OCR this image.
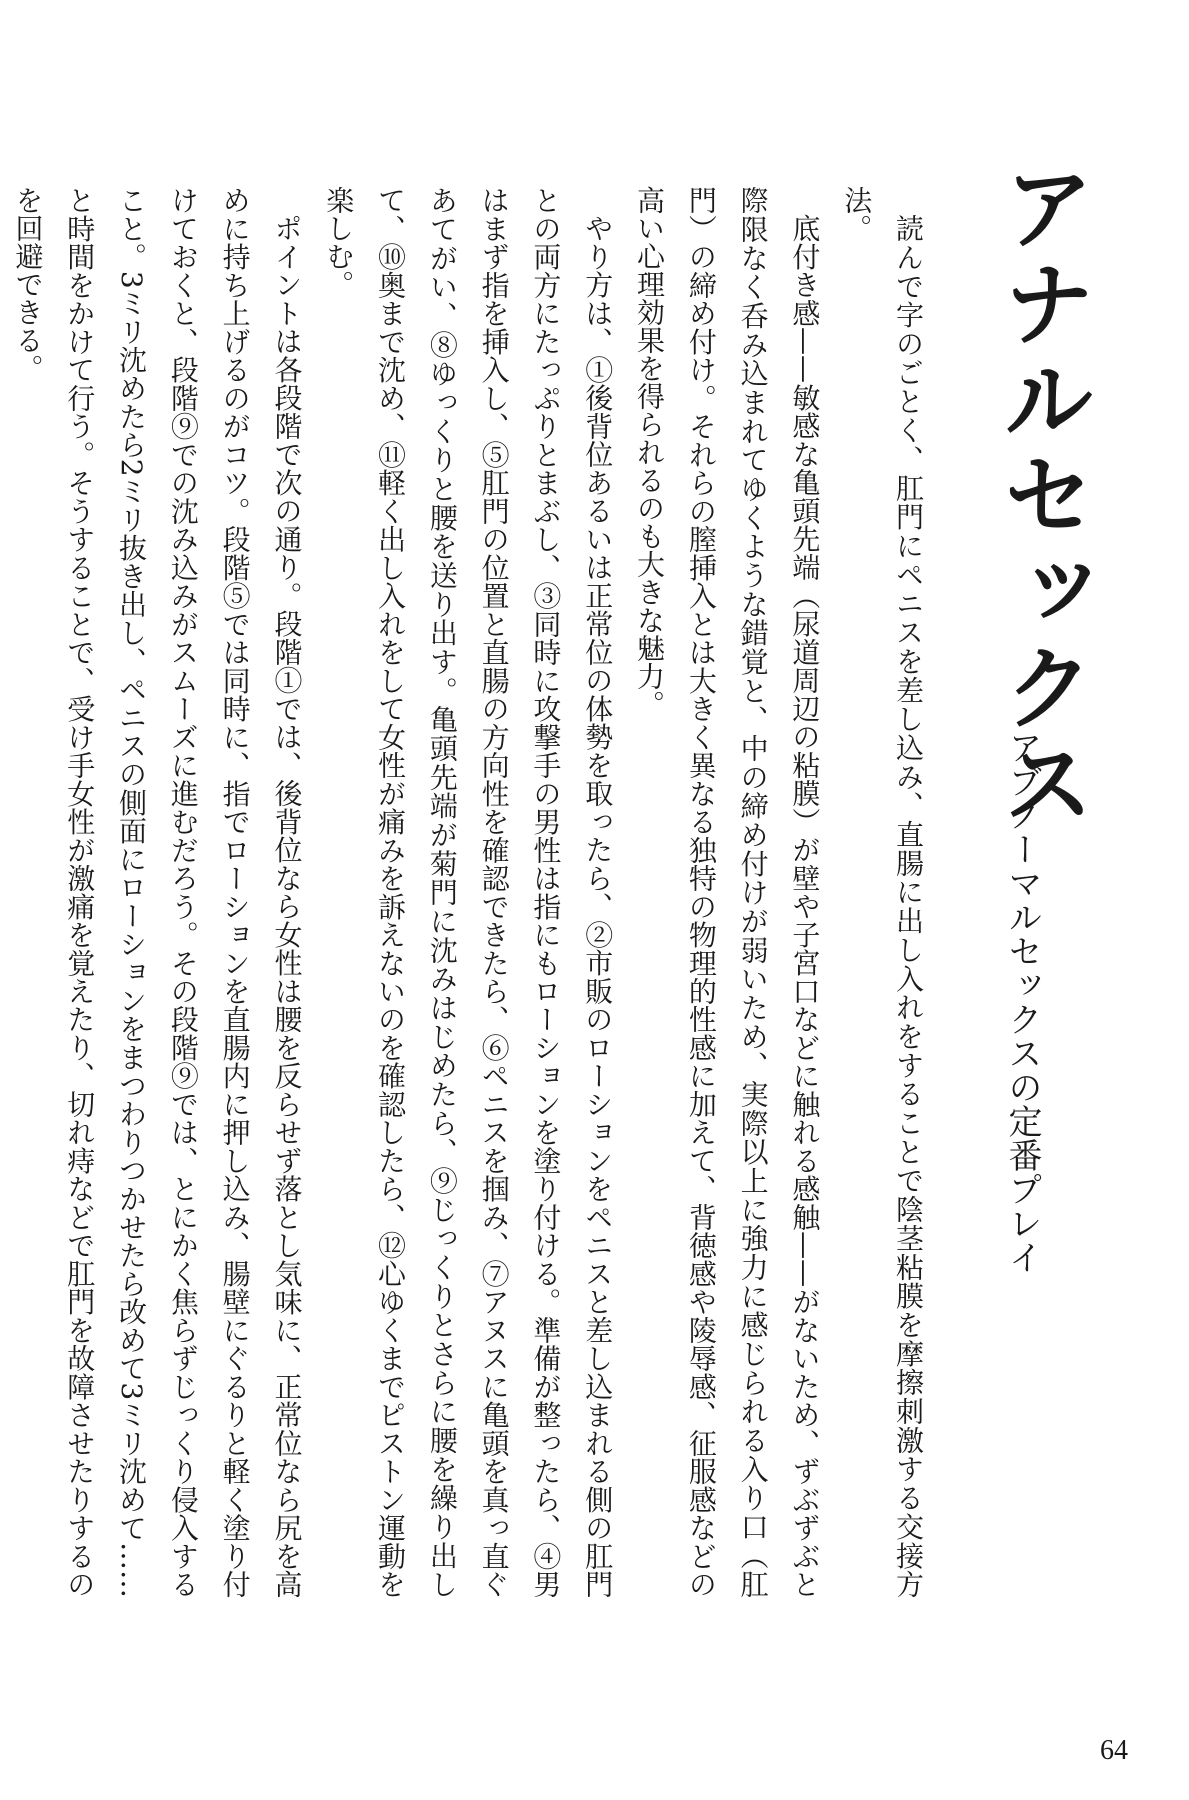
アナルセックス
アブノーマルセックスの定番プレイ

読んで字のごとく、肛門にペニスを差し込み、直腸に出し入れをすることで陰茎粘膜を摩擦刺激する交接方法。

底付き感——敏感な亀頭先端（尿道周辺の粘膜）が壁や子宮口などに触れる感触——がないため、ずぶずぶと際限なく呑み込まれてゆくような錯覚と、中の締め付けが弱いため、実際以上に強力に感じられる入り口（肛門）の締め付け。それらの膣挿入とは大きく異なる独特の物理的性感に加えて、背徳感や陵辱感、征服感などの高い心理効果を得られるのも大きな魅力。

やり方は、①後背位あるいは正常位の体勢を取ったら、②市販のローションをペニスと差し込まれる側の肛門との両方にたっぷりとまぶし、③同時に攻撃手の男性は指にもローションを塗り付ける。準備が整ったら、④男はまず指を挿入し、⑤肛門の位置と直腸の方向性を確認できたら、⑥ペニスを掴み、⑦アヌスに亀頭を真っ直ぐあてがい、⑧ゆっくりと腰を送り出す。亀頭先端が菊門に沈みはじめたら、⑨じっくりとさらに腰を繰り出して、⑩奥まで沈め、⑪軽く出し入れをして女性が痛みを訴えないのを確認したら、⑫心ゆくまでピストン運動を楽しむ。

ポイントは各段階で次の通り。段階①では、後背位なら女性は腰を反らせず落とし気味に、正常位なら尻を高めに持ち上げるのがコツ。段階⑤では同時に、指でローションを直腸内に押し込み、腸壁にぐるりと軽く塗り付けておくと、段階⑨での沈み込みがスムーズに進むだろう。その段階⑨では、とにかく焦らずじっくり侵入すること。3ミリ沈めたら2ミリ抜き出し、ペニスの側面にローションをまつわりつかせたら改めて3ミリ沈めて……と時間をかけて行う。そうすることで、受け手女性が激痛を覚えたり、切れ痔などで肛門を故障させたりするのを回避できる。

64
